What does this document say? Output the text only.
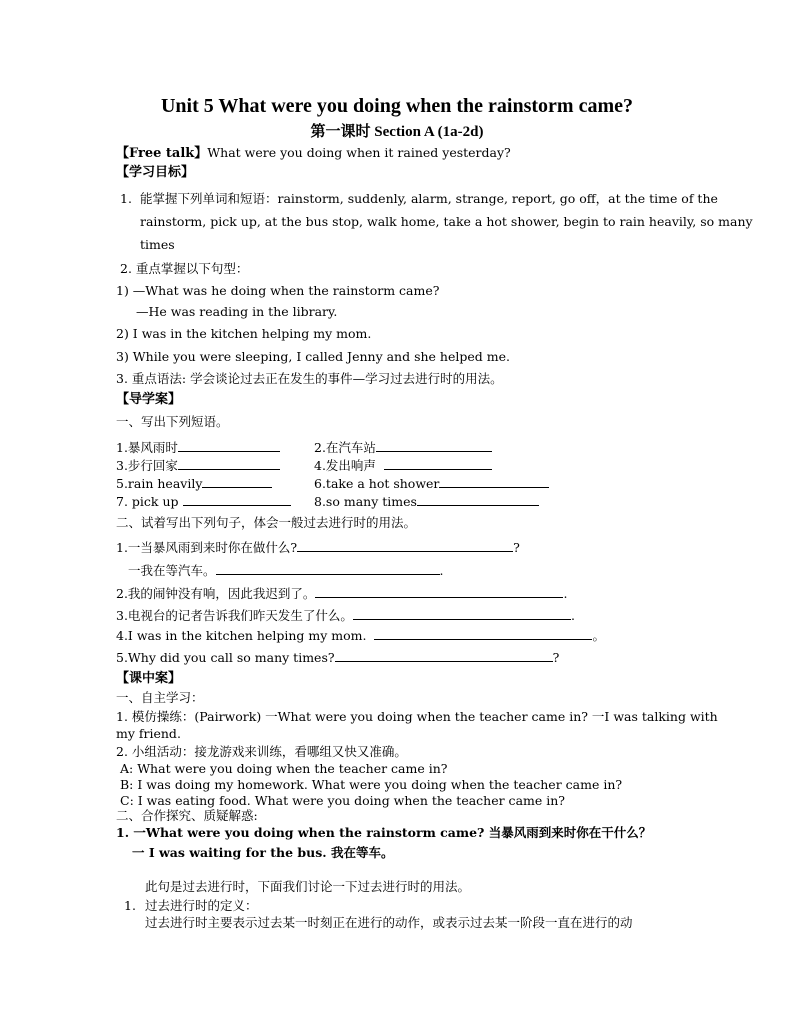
Unit 5 What were you doing when the rainstorm came?
第一课时 Section A (1a-2d)
【Free talk】What were you doing when it rained yesterday?
【学习目标】
1. 能掌握下列单词和短语：rainstorm, suddenly, alarm, strange, report, go off，at the time of the
rainstorm, pick up, at the bus stop, walk home, take a hot shower, begin to rain heavily, so many
times
2. 重点掌握以下句型：
1) —What was he doing when the rainstorm came?
—He was reading in the library.
2) I was in the kitchen helping my mom.
3) While you were sleeping, I called Jenny and she helped me.
3. 重点语法: 学会谈论过去正在发生的事件—学习过去进行时的用法。
【导学案】
一、写出下列短语。
1.暴风雨时	2.在汽车站
3.步行回家	4.发出响声
5.rain heavily	6.take a hot shower
7. pick up	8.so many times
二、试着写出下列句子，体会一般过去进行时的用法。
1.一当暴风雨到来时你在做什么?	?
一我在等汽车。	.
2.我的闹钟没有响，因此我迟到了。	.
3.电视台的记者告诉我们昨天发生了什么。	.
4.I was in the kitchen helping my mom.	。
5.Why did you call so many times?	?
【课中案】
一、自主学习：
1. 模仿操练：(Pairwork) 一What were you doing when the teacher came in? 一I was talking with
my friend.
2. 小组活动：接龙游戏来训练，看哪组又快又准确。
A: What were you doing when the teacher came in?
B: I was doing my homework. What were you doing when the teacher came in?
C: I was eating food. What were you doing when the teacher came in?
二、合作探究、质疑解惑:
1. 一What were you doing when the rainstorm came? 当暴风雨到来时你在干什么？
一 I was waiting for the bus. 我在等车。
此句是过去进行时，下面我们讨论一下过去进行时的用法。
1. 过去进行时的定义：
过去进行时主要表示过去某一时刻正在进行的动作，或表示过去某一阶段一直在进行的动
